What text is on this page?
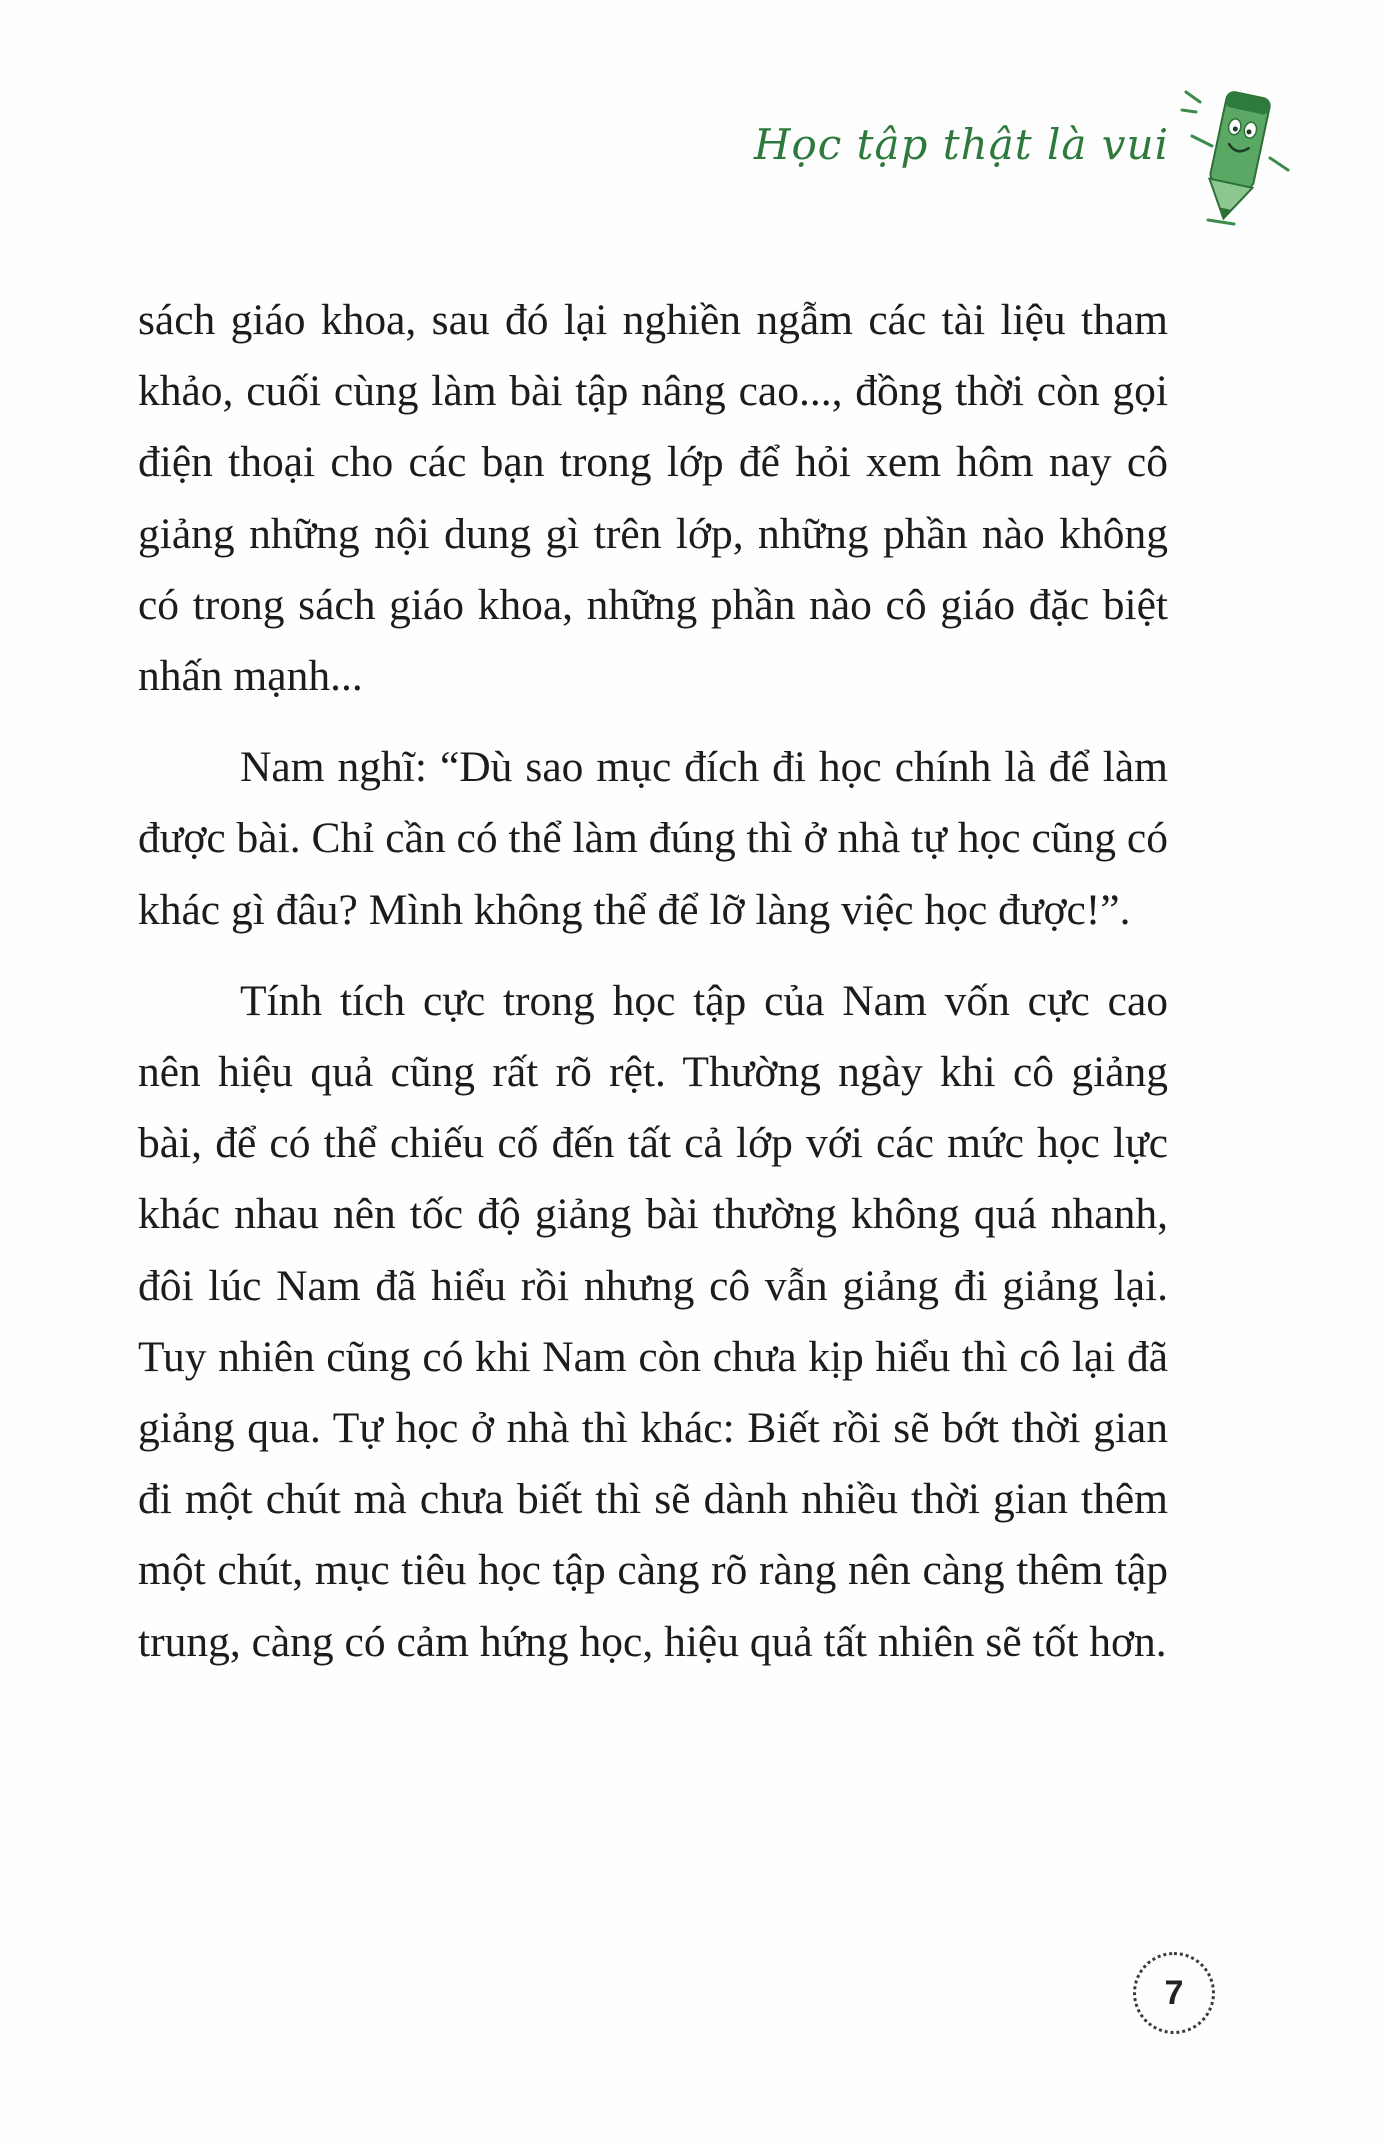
Học tập thật là vui

sách giáo khoa, sau đó lại nghiền ngẫm các tài liệu tham khảo, cuối cùng làm bài tập nâng cao..., đồng thời còn gọi điện thoại cho các bạn trong lớp để hỏi xem hôm nay cô giảng những nội dung gì trên lớp, những phần nào không có trong sách giáo khoa, những phần nào cô giáo đặc biệt nhấn mạnh...

Nam nghĩ: “Dù sao mục đích đi học chính là để làm được bài. Chỉ cần có thể làm đúng thì ở nhà tự học cũng có khác gì đâu? Mình không thể để lỡ làng việc học được!”.

Tính tích cực trong học tập của Nam vốn cực cao nên hiệu quả cũng rất rõ rệt. Thường ngày khi cô giảng bài, để có thể chiếu cố đến tất cả lớp với các mức học lực khác nhau nên tốc độ giảng bài thường không quá nhanh, đôi lúc Nam đã hiểu rồi nhưng cô vẫn giảng đi giảng lại. Tuy nhiên cũng có khi Nam còn chưa kịp hiểu thì cô lại đã giảng qua. Tự học ở nhà thì khác: Biết rồi sẽ bớt thời gian đi một chút mà chưa biết thì sẽ dành nhiều thời gian thêm một chút, mục tiêu học tập càng rõ ràng nên càng thêm tập trung, càng có cảm hứng học, hiệu quả tất nhiên sẽ tốt hơn.

7
